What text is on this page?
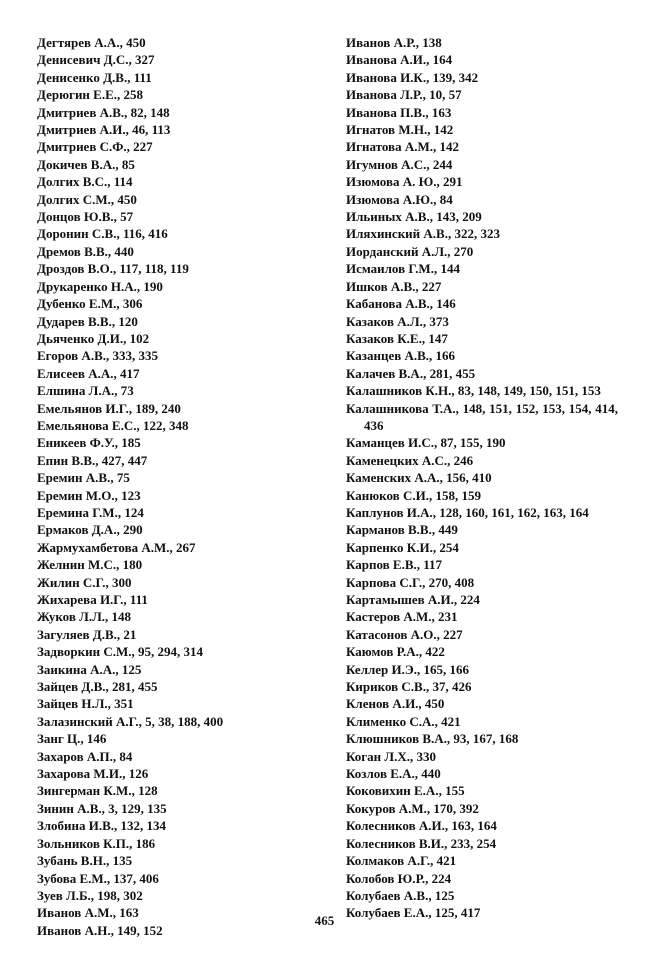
Дегтярев А.А., 450
Денисевич Д.С., 327
Денисенко Д.В., 111
Дерюгин Е.Е., 258
Дмитриев А.В., 82, 148
Дмитриев А.И., 46, 113
Дмитриев С.Ф., 227
Докичев В.А., 85
Долгих В.С., 114
Долгих С.М., 450
Донцов Ю.В., 57
Доронин С.В., 116, 416
Дремов В.В., 440
Дроздов В.О., 117, 118, 119
Друкаренко Н.А., 190
Дубенко Е.М., 306
Дударев В.В., 120
Дьяченко Д.И., 102
Егоров А.В., 333, 335
Елисеев А.А., 417
Елшина Л.А., 73
Емельянов И.Г., 189, 240
Емельянова Е.С., 122, 348
Еникеев Ф.У., 185
Епин В.В., 427, 447
Еремин А.В., 75
Еремин М.О., 123
Еремина Г.М., 124
Ермаков Д.А., 290
Жармухамбетова А.М., 267
Желнин М.С., 180
Жилин С.Г., 300
Жихарева И.Г., 111
Жуков Л.Л., 148
Загуляев Д.В., 21
Задворкин С.М., 95, 294, 314
Заикина А.А., 125
Зайцев Д.В., 281, 455
Зайцев Н.Л., 351
Залазинский А.Г., 5, 38, 188, 400
Занг Ц., 146
Захаров А.П., 84
Захарова М.И., 126
Зингерман К.М., 128
Зинин А.В., 3, 129, 135
Злобина И.В., 132, 134
Зольников К.П., 186
Зубань В.Н., 135
Зубова Е.М., 137, 406
Зуев Л.Б., 198, 302
Иванов А.М., 163
Иванов А.Н., 149, 152
Иванов А.Р., 138
Иванова А.И., 164
Иванова И.К., 139, 342
Иванова Л.Р., 10, 57
Иванова П.В., 163
Игнатов М.Н., 142
Игнатова А.М., 142
Игумнов А.С., 244
Изюмова А. Ю., 291
Изюмова А.Ю., 84
Ильиных А.В., 143, 209
Иляхинский А.В., 322, 323
Иорданский А.Л., 270
Исмаилов Г.М., 144
Ишков А.В., 227
Кабанова А.В., 146
Казаков А.Л., 373
Казаков К.Е., 147
Казанцев А.В., 166
Калачев В.А., 281, 455
Калашников К.Н., 83, 148, 149, 150, 151, 153
Калашникова Т.А., 148, 151, 152, 153, 154, 414, 436
Каманцев И.С., 87, 155, 190
Каменецких А.С., 246
Каменских А.А., 156, 410
Канюков С.И., 158, 159
Каплунов И.А., 128, 160, 161, 162, 163, 164
Карманов В.В., 449
Карпенко К.И., 254
Карпов Е.В., 117
Карпова С.Г., 270, 408
Картамышев А.И., 224
Кастеров А.М., 231
Катасонов А.О., 227
Каюмов Р.А., 422
Келлер И.Э., 165, 166
Кириков С.В., 37, 426
Кленов А.И., 450
Клименко С.А., 421
Клюшников В.А., 93, 167, 168
Коган Л.Х., 330
Козлов Е.А., 440
Коковихин Е.А., 155
Кокуров А.М., 170, 392
Колесников А.И., 163, 164
Колесников В.И., 233, 254
Колмаков А.Г., 421
Колобов Ю.Р., 224
Колубаев А.В., 125
Колубаев Е.А., 125, 417
465
